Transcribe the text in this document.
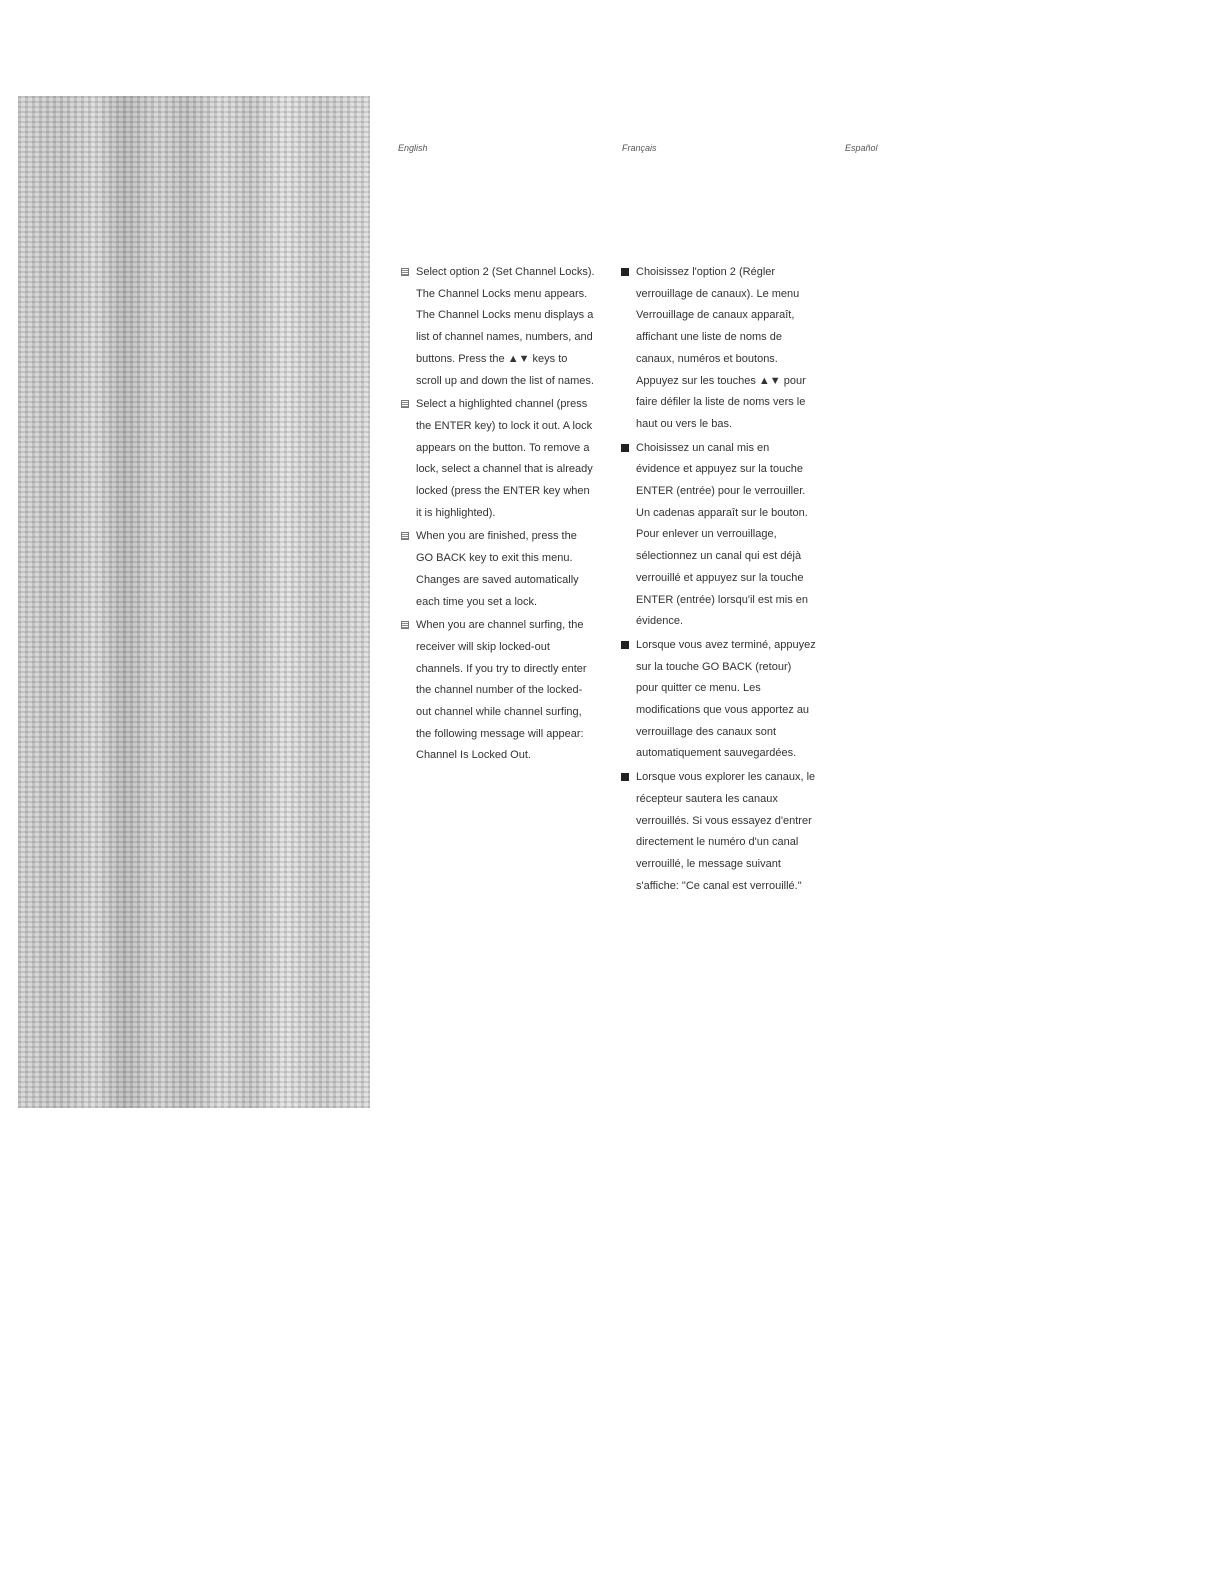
English	Français	Español
Select option 2 (Set Channel Locks). The Channel Locks menu appears. The Channel Locks menu displays a list of channel names, numbers, and buttons. Press the ▲▼ keys to scroll up and down the list of names.
Select a highlighted channel (press the ENTER key) to lock it out. A lock appears on the button. To remove a lock, select a channel that is already locked (press the ENTER key when it is highlighted).
When you are finished, press the GO BACK key to exit this menu. Changes are saved automatically each time you set a lock.
When you are channel surfing, the receiver will skip locked-out channels. If you try to directly enter the channel number of the locked-out channel while channel surfing, the following message will appear: Channel Is Locked Out.
Choisissez l'option 2 (Régler verrouillage de canaux). Le menu Verrouillage de canaux apparaît, affichant une liste de noms de canaux, numéros et boutons. Appuyez sur les touches ▲▼ pour faire défiler la liste de noms vers le haut ou vers le bas.
Choisissez un canal mis en évidence et appuyez sur la touche ENTER (entrée) pour le verrouiller. Un cadenas apparaît sur le bouton. Pour enlever un verrouillage, sélectionnez un canal qui est déjà verrouillé et appuyez sur la touche ENTER (entrée) lorsqu'il est mis en évidence.
Lorsque vous avez terminé, appuyez sur la touche GO BACK (retour) pour quitter ce menu. Les modifications que vous apportez au verrouillage des canaux sont automatiquement sauvegardées.
Lorsque vous explorer les canaux, le récepteur sautera les canaux verrouillés. Si vous essayez d'entrer directement le numéro d'un canal verrouillé, le message suivant s'affiche: "Ce canal est verrouillé."
